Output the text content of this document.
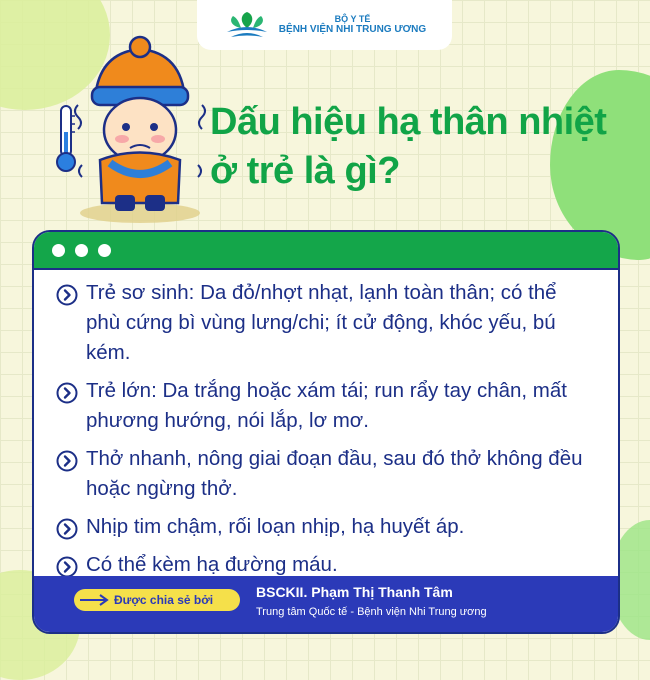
BỘ Y TẾ
BỆNH VIỆN NHI TRUNG ƯƠNG
Dấu hiệu hạ thân nhiệt
ở trẻ là gì?
Trẻ sơ sinh: Da đỏ/nhợt nhạt, lạnh toàn thân; có thể phù cứng bì vùng lưng/chi; ít cử động, khóc yếu, bú kém.
Trẻ lớn: Da trắng hoặc xám tái; run rẩy tay chân, mất phương hướng, nói lắp, lơ mơ.
Thở nhanh, nông giai đoạn đầu, sau đó thở không đều hoặc ngừng thở.
Nhịp tim chậm, rối loạn nhịp, hạ huyết áp.
Có thể kèm hạ đường máu.
Được chia sẻ bởi	BSCKII. Phạm Thị Thanh Tâm
Trung tâm Quốc tế - Bệnh viện Nhi Trung ương
